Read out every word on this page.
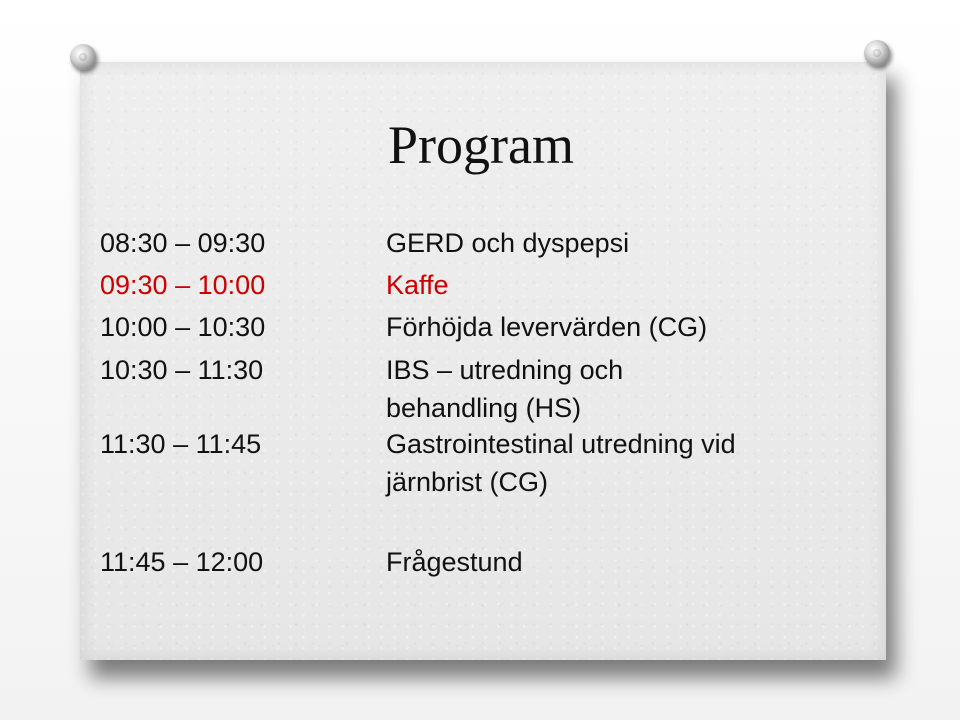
Program
08:30 – 09:30	GERD och dyspepsi
09:30 – 10:00	Kaffe
10:00 – 10:30	Förhöjda levervärden (CG)
10:30 – 11:30	IBS – utredning och
behandling (HS)
11:30 – 11:45	Gastrointestinal utredning vid
järnbrist (CG)
11:45 – 12:00	Frågestund
